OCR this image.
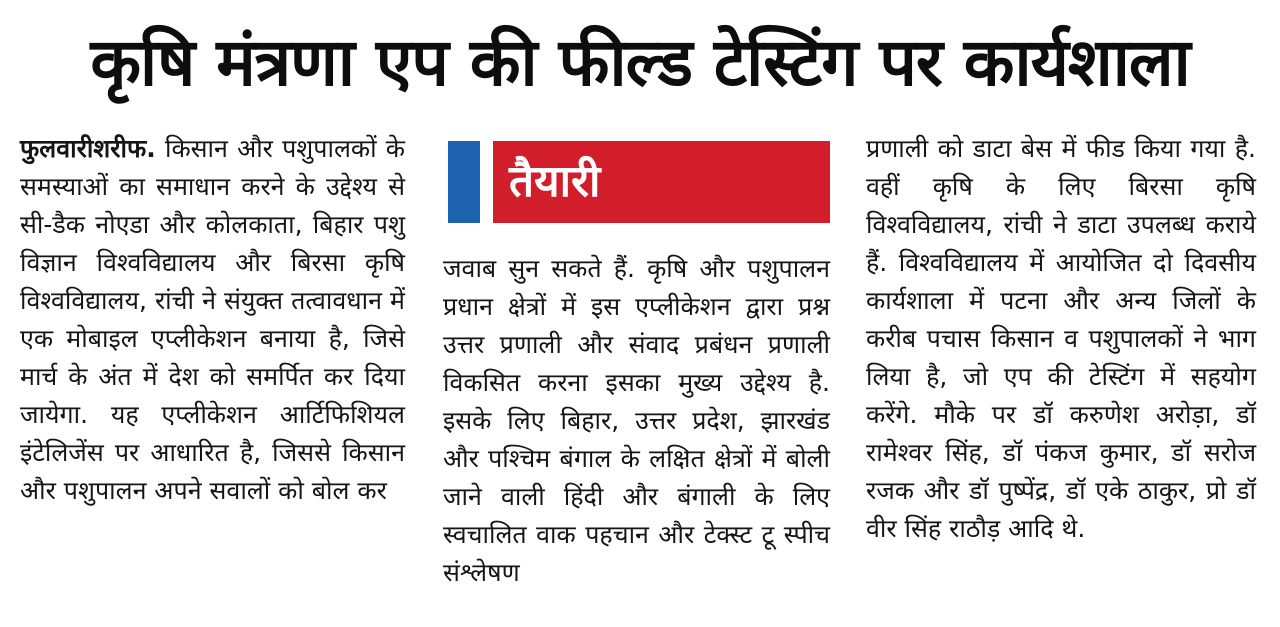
कृषि मंत्रणा एप की फील्ड टेस्टिंग पर कार्यशाला

फुलवारीशरीफ. किसान और पशुपालकों के समस्याओं का समाधान करने के उद्देश्य से सी-डैक नोएडा और कोलकाता, बिहार पशु विज्ञान विश्वविद्यालय और बिरसा कृषि विश्वविद्यालय, रांची ने संयुक्त तत्वावधान में एक मोबाइल एप्लीकेशन बनाया है, जिसे मार्च के अंत में देश को समर्पित कर दिया जायेगा. यह एप्लीकेशन आर्टिफिशियल इंटेलिजेंस पर आधारित है, जिससे किसान और पशुपालन अपने सवालों को बोल कर

तैयारी

जवाब सुन सकते हैं. कृषि और पशुपालन प्रधान क्षेत्रों में इस एप्लीकेशन द्वारा प्रश्न उत्तर प्रणाली और संवाद प्रबंधन प्रणाली विकसित करना इसका मुख्य उद्देश्य है. इसके लिए बिहार, उत्तर प्रदेश, झारखंड और पश्चिम बंगाल के लक्षित क्षेत्रों में बोली जाने वाली हिंदी और बंगाली के लिए स्वचालित वाक पहचान और टेक्स्ट टू स्पीच संश्लेषण

प्रणाली को डाटा बेस में फीड किया गया है. वहीं कृषि के लिए बिरसा कृषि विश्वविद्यालय, रांची ने डाटा उपलब्ध कराये हैं. विश्वविद्यालय में आयोजित दो दिवसीय कार्यशाला में पटना और अन्य जिलों के करीब पचास किसान व पशुपालकों ने भाग लिया है, जो एप की टेस्टिंग में सहयोग करेंगे. मौके पर डॉ करुणेश अरोड़ा, डॉ रामेश्वर सिंह, डॉ पंकज कुमार, डॉ सरोज रजक और डॉ पुष्पेंद्र, डॉ एके ठाकुर, प्रो डॉ वीर सिंह राठौड़ आदि थे.
